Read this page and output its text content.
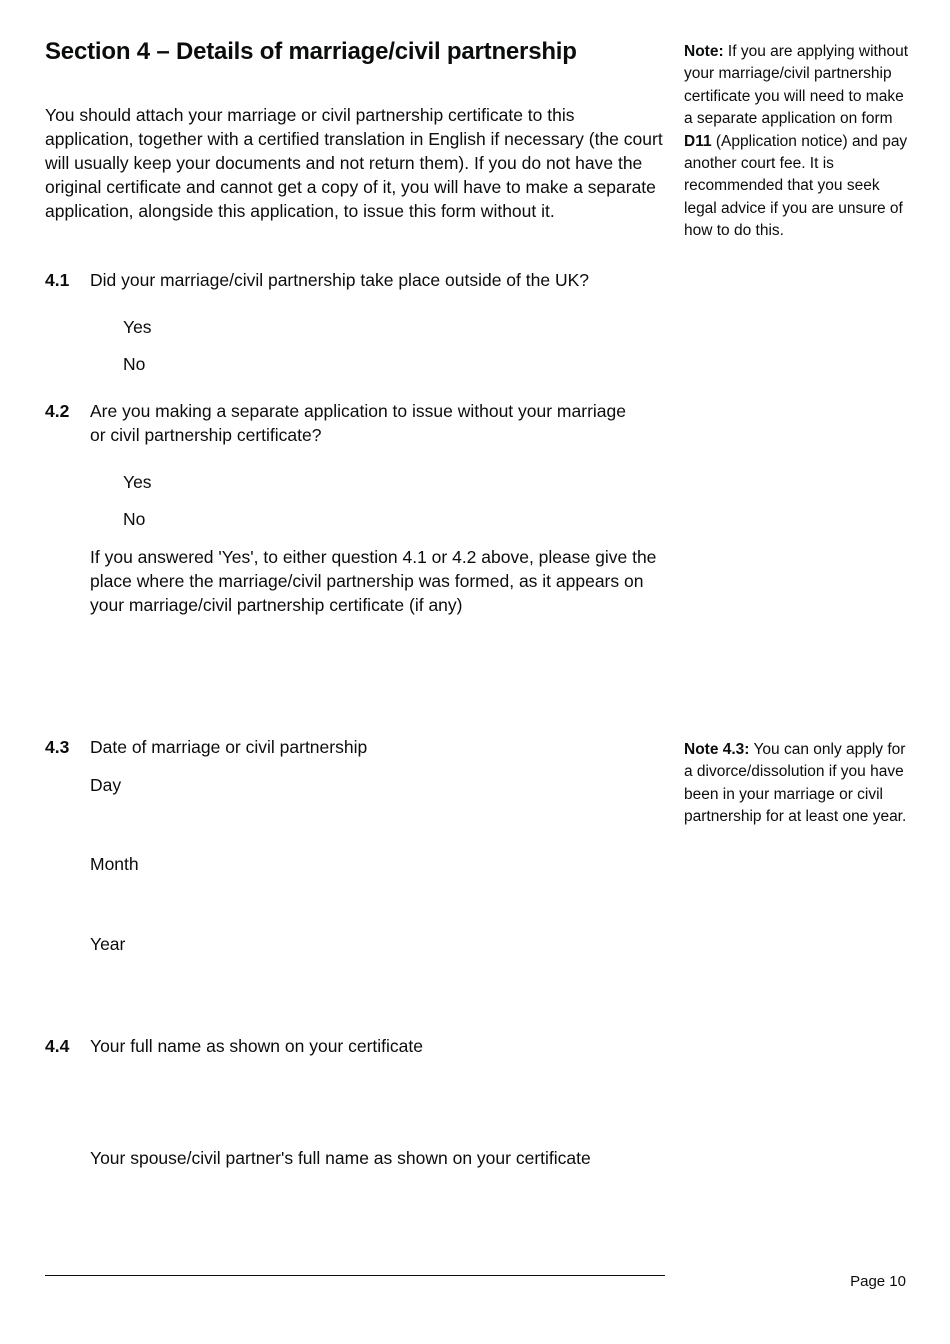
Section 4 – Details of marriage/civil partnership

You should attach your marriage or civil partnership certificate to this application, together with a certified translation in English if necessary (the court will usually keep your documents and not return them). If you do not have the original certificate and cannot get a copy of it, you will have to make a separate application, alongside this application, to issue this form without it.

Note: If you are applying without your marriage/civil partnership certificate you will need to make a separate application on form D11 (Application notice) and pay another court fee. It is recommended that you seek legal advice if you are unsure of how to do this.

4.1 Did your marriage/civil partnership take place outside of the UK?
Yes
No
4.2 Are you making a separate application to issue without your marriage or civil partnership certificate?
Yes
No
If you answered 'Yes', to either question 4.1 or 4.2 above, please give the place where the marriage/civil partnership was formed, as it appears on your marriage/civil partnership certificate (if any)
4.3 Date of marriage or civil partnership
Day
Month
Year

Note 4.3: You can only apply for a divorce/dissolution if you have been in your marriage or civil partnership for at least one year.

4.4 Your full name as shown on your certificate
Your spouse/civil partner's full name as shown on your certificate
Page 10
